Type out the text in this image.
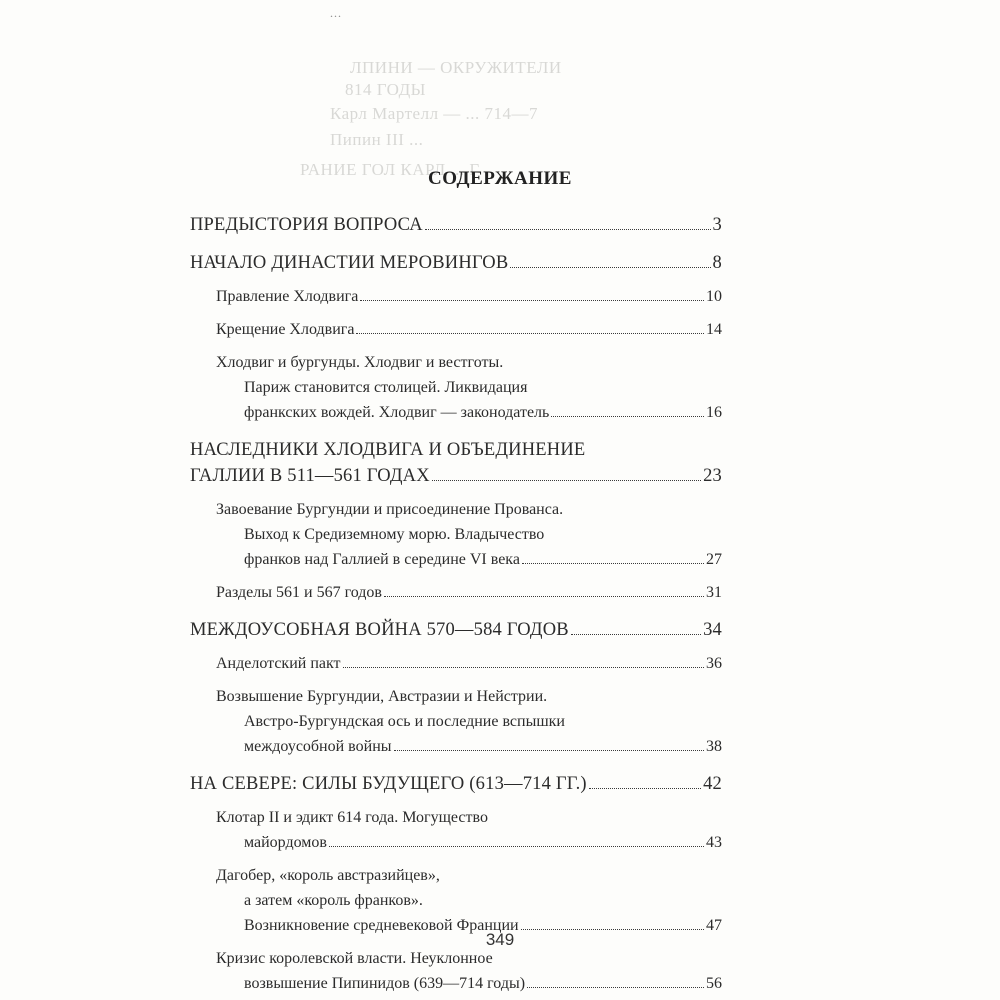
ЛПИНИ — ОКРУЖИТЕЛИ
814 ГОДЫ
Карл Мартелл — ... 714—7
Пипин III ...
РАНИЕ ГОЛ КАРЛ ... Г
...
СОДЕРЖАНИЕ
ПРЕДЫСТОРИЯ ВОПРОСА	3
НАЧАЛО ДИНАСТИИ МЕРОВИНГОВ	8
Правление Хлодвига	10
Крещение Хлодвига	14
Хлодвиг и бургунды. Хлодвиг и вестготы.
Париж становится столицей. Ликвидация
франкских вождей. Хлодвиг — законодатель	16
НАСЛЕДНИКИ ХЛОДВИГА И ОБЪЕДИНЕНИЕ
ГАЛЛИИ В 511—561 ГОДАХ	23
Завоевание Бургундии и присоединение Прованса.
Выход к Средиземному морю. Владычество
франков над Галлией в середине VI века	27
Разделы 561 и 567 годов	31
МЕЖДОУСОБНАЯ ВОЙНА 570—584 ГОДОВ	34
Анделотский пакт	36
Возвышение Бургундии, Австразии и Нейстрии.
Австро-Бургундская ось и последние вспышки
междоусобной войны	38
НА СЕВЕРЕ: СИЛЫ БУДУЩЕГО (613—714 ГГ.)	42
Клотар II и эдикт 614 года. Могущество
майордомов	43
Дагобер, «король австразийцев»,
а затем «король франков».
Возникновение средневековой Франции	47
Кризис королевской власти. Неуклонное
возвышение Пипинидов (639—714 годы)	56
349
